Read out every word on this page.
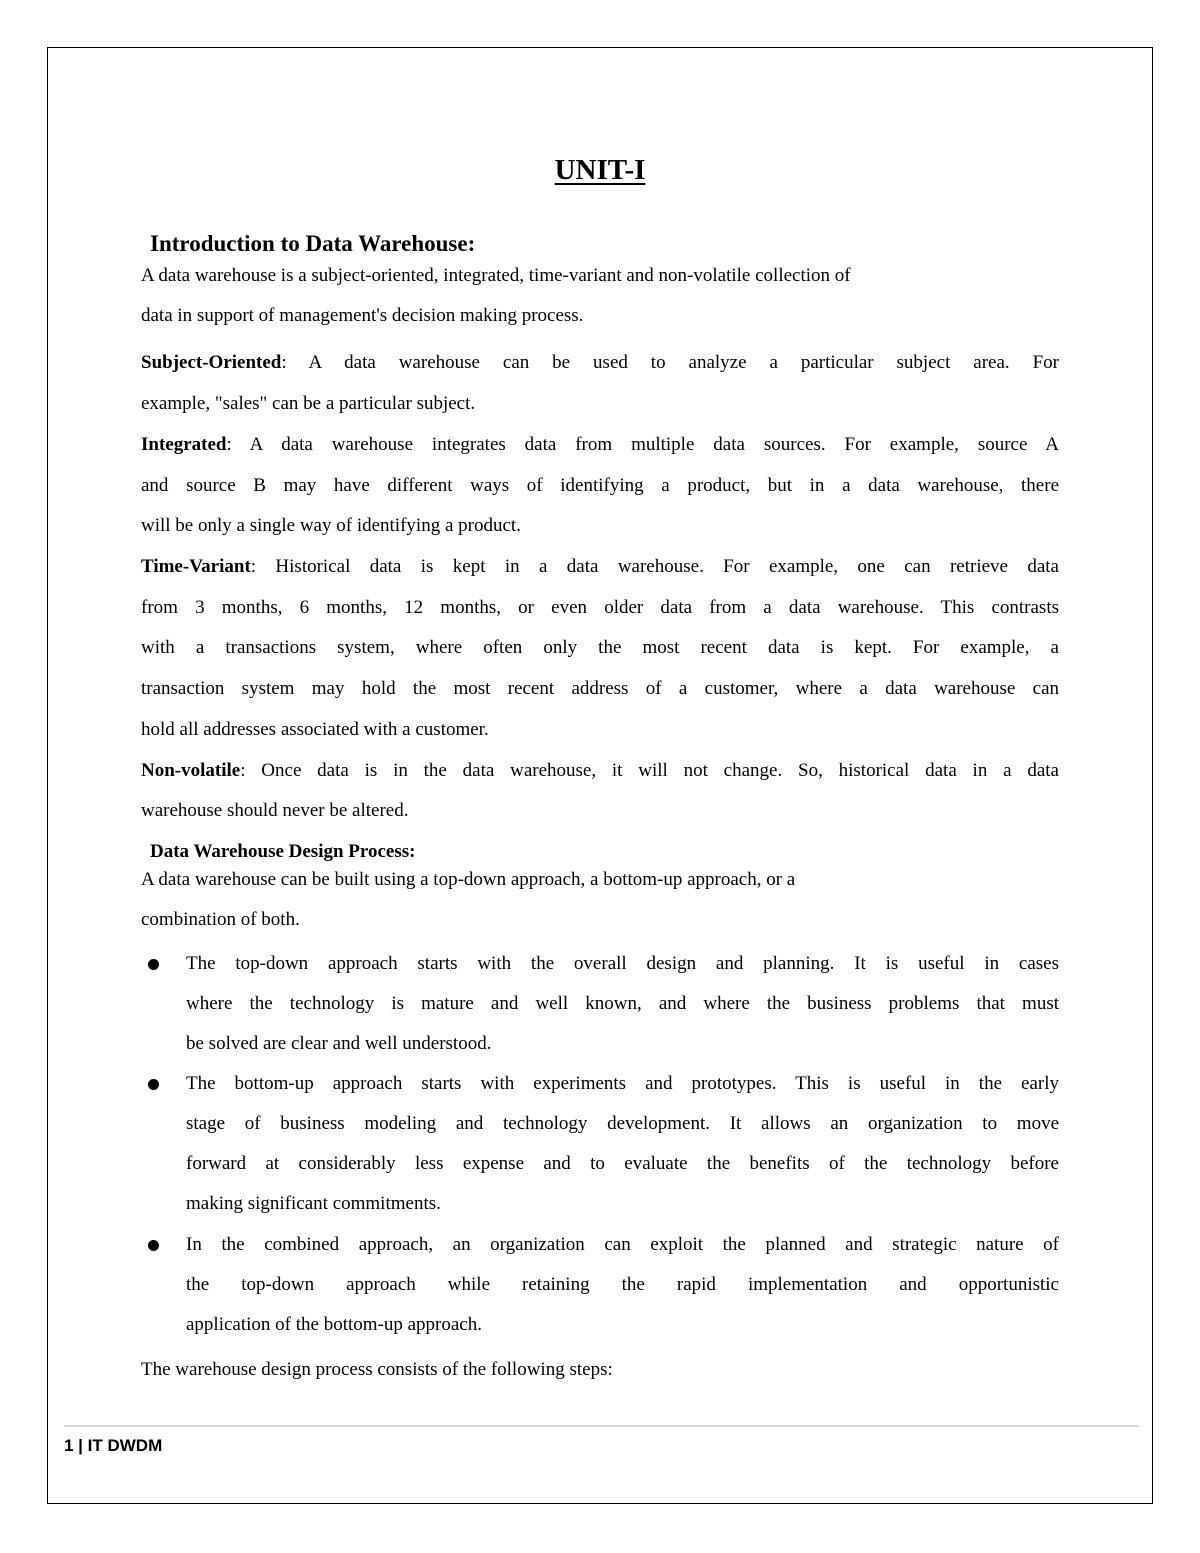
UNIT-I
Introduction to Data Warehouse:
A data warehouse is a subject-oriented, integrated, time-variant and non-volatile collection of
data in support of management's decision making process.
Subject-Oriented: A data warehouse can be used to analyze a particular subject area. For
example, "sales" can be a particular subject.
Integrated: A data warehouse integrates data from multiple data sources. For example, source A
and source B may have different ways of identifying a product, but in a data warehouse, there
will be only a single way of identifying a product.
Time-Variant: Historical data is kept in a data warehouse. For example, one can retrieve data
from 3 months, 6 months, 12 months, or even older data from a data warehouse. This contrasts
with a transactions system, where often only the most recent data is kept. For example, a
transaction system may hold the most recent address of a customer, where a data warehouse can
hold all addresses associated with a customer.
Non-volatile: Once data is in the data warehouse, it will not change. So, historical data in a data
warehouse should never be altered.
Data Warehouse Design Process:
A data warehouse can be built using a top-down approach, a bottom-up approach, or a
combination of both.
The top-down approach starts with the overall design and planning. It is useful in cases
where the technology is mature and well known, and where the business problems that must
be solved are clear and well understood.
The bottom-up approach starts with experiments and prototypes. This is useful in the early
stage of business modeling and technology development. It allows an organization to move
forward at considerably less expense and to evaluate the benefits of the technology before
making significant commitments.
In the combined approach, an organization can exploit the planned and strategic nature of
the top-down approach while retaining the rapid implementation and opportunistic
application of the bottom-up approach.
The warehouse design process consists of the following steps:
1 | IT DWDM
